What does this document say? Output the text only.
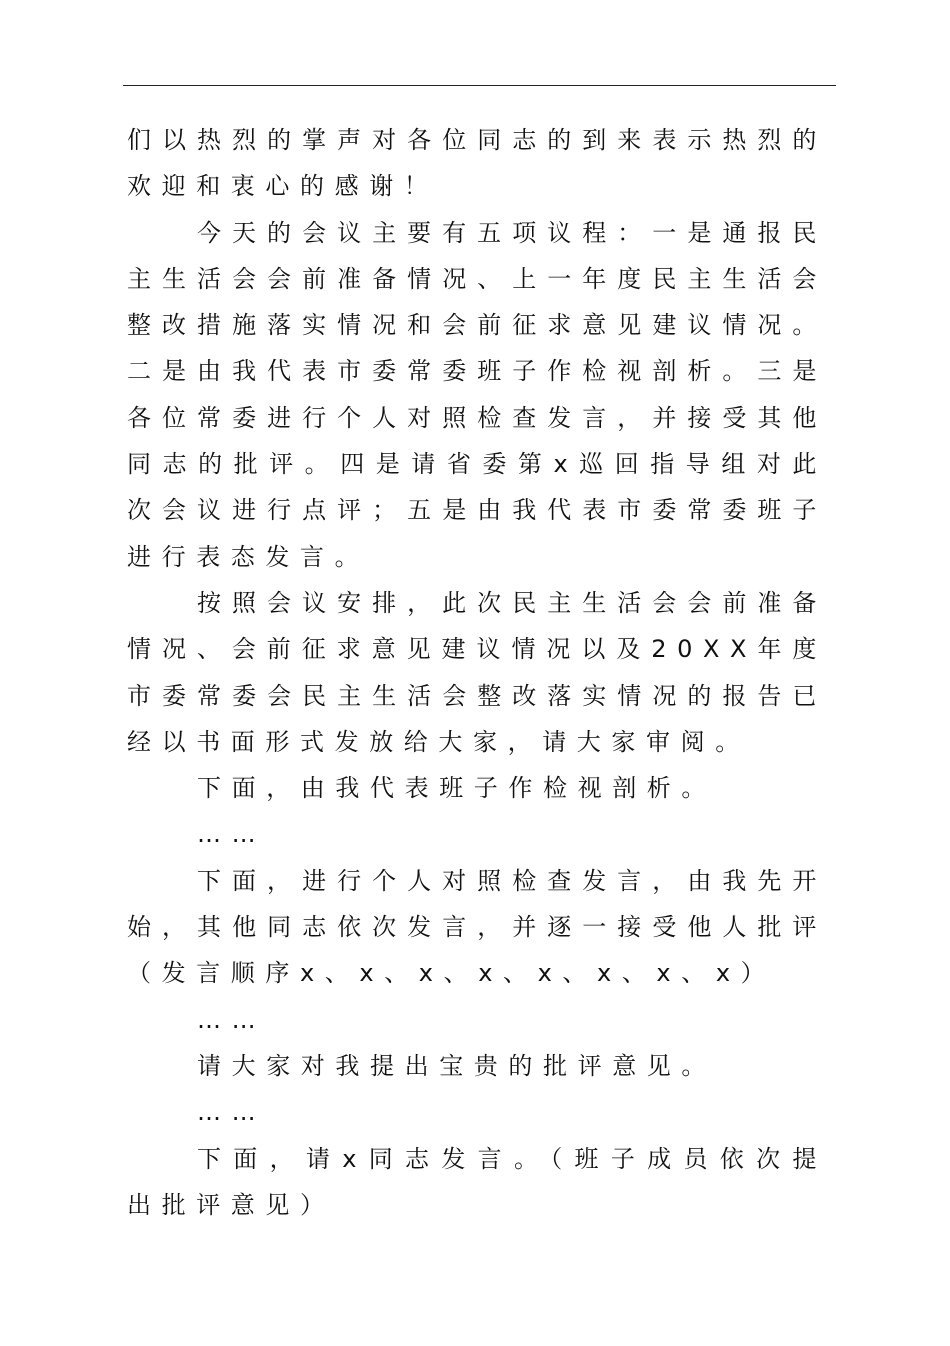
们以热烈的掌声对各位同志的到来表示热烈的欢迎和衷心的感谢！

今天的会议主要有五项议程：一是通报民主生活会会前准备情况、上一年度民主生活会整改措施落实情况和会前征求意见建议情况。二是由我代表市委常委班子作检视剖析。三是各位常委进行个人对照检查发言，并接受其他同志的批评。四是请省委第x巡回指导组对此次会议进行点评；五是由我代表市委常委班子进行表态发言。

按照会议安排，此次民主生活会会前准备情况、会前征求意见建议情况以及20XX年度市委常委会民主生活会整改落实情况的报告已经以书面形式发放给大家，请大家审阅。

下面，由我代表班子作检视剖析。

……

下面，进行个人对照检查发言，由我先开始，其他同志依次发言，并逐一接受他人批评（发言顺序x、x、x、x、x、x、x、x）

……

请大家对我提出宝贵的批评意见。

……

下面，请x同志发言。（班子成员依次提出批评意见）
